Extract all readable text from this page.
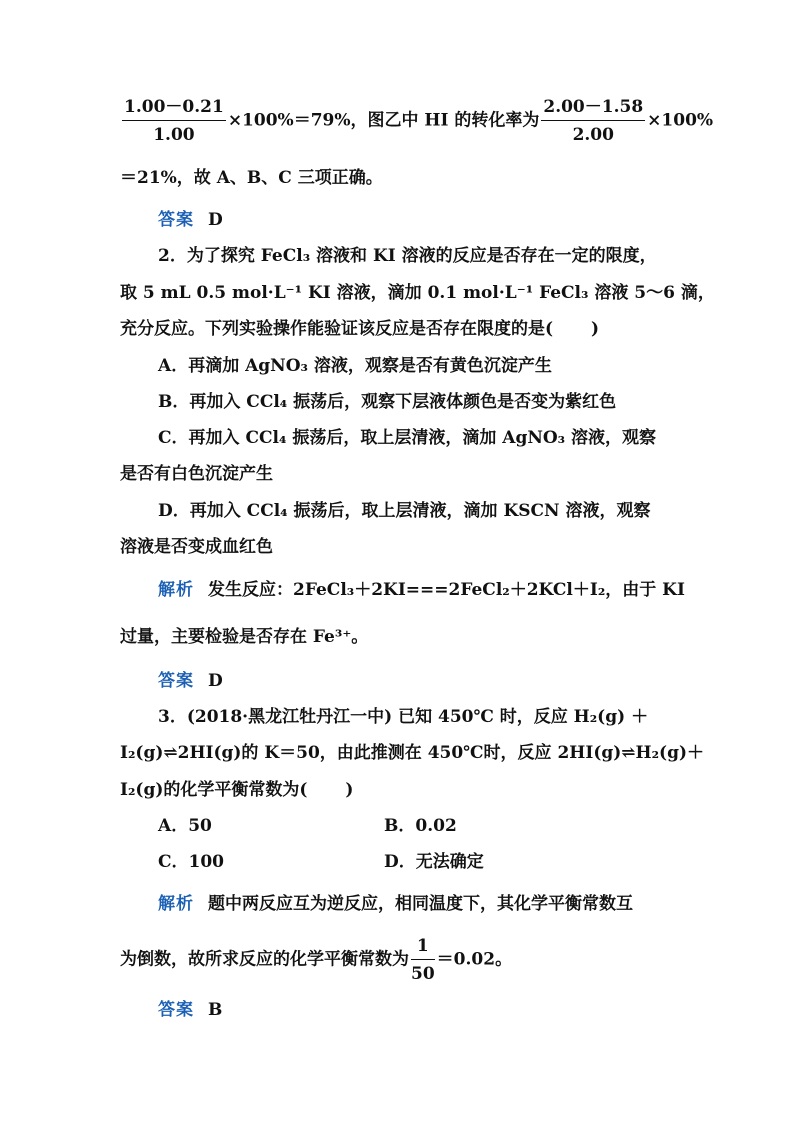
$\frac{1.00-0.21}{1.00} \times 100\%=79\%$，图乙中 HI 的转化率为 $\frac{2.00-1.58}{2.00} \times 100\%$
＝21%，故 A、B、C 三项正确。
答案 D
2．为了探究 FeCl₃ 溶液和 KI 溶液的反应是否存在一定的限度，
取 5 mL 0.5 mol·L⁻¹ KI 溶液，滴加 0.1 mol·L⁻¹ FeCl₃ 溶液 5～6 滴，
充分反应。下列实验操作能验证该反应是否存在限度的是( )
A．再滴加 AgNO₃ 溶液，观察是否有黄色沉淀产生
B．再加入 CCl₄ 振荡后，观察下层液体颜色是否变为紫红色
C．再加入 CCl₄ 振荡后，取上层清液，滴加 AgNO₃ 溶液，观察
是否有白色沉淀产生
D．再加入 CCl₄ 振荡后，取上层清液，滴加 KSCN 溶液，观察
溶液是否变成血红色
解析 发生反应：2FeCl₃＋2KI===2FeCl₂＋2KCl＋I₂，由于 KI
过量，主要检验是否存在 Fe³⁺。
答案 D
3．(2018·黑龙江牡丹江一中) 已知 450℃ 时，反应 H₂(g) ＋
I₂(g)⇌2HI(g)的 K＝50，由此推测在 450℃时，反应 2HI(g)⇌H₂(g)＋
I₂(g)的化学平衡常数为( )
A．50	B．0.02
C．100	D．无法确定
解析 题中两反应互为逆反应，相同温度下，其化学平衡常数互
为倒数，故所求反应的化学平衡常数为 $\frac{1}{50} =0.02$。
答案 B
